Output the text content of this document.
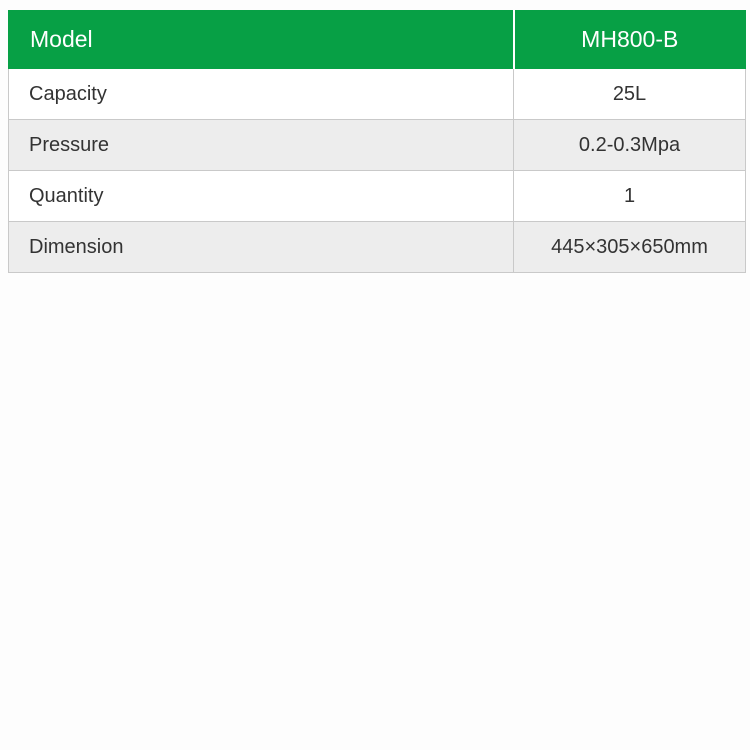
Model	MH800-B
Capacity	25L
Pressure	0.2-0.3Mpa
Quantity	1
Dimension	445×305×650mm
